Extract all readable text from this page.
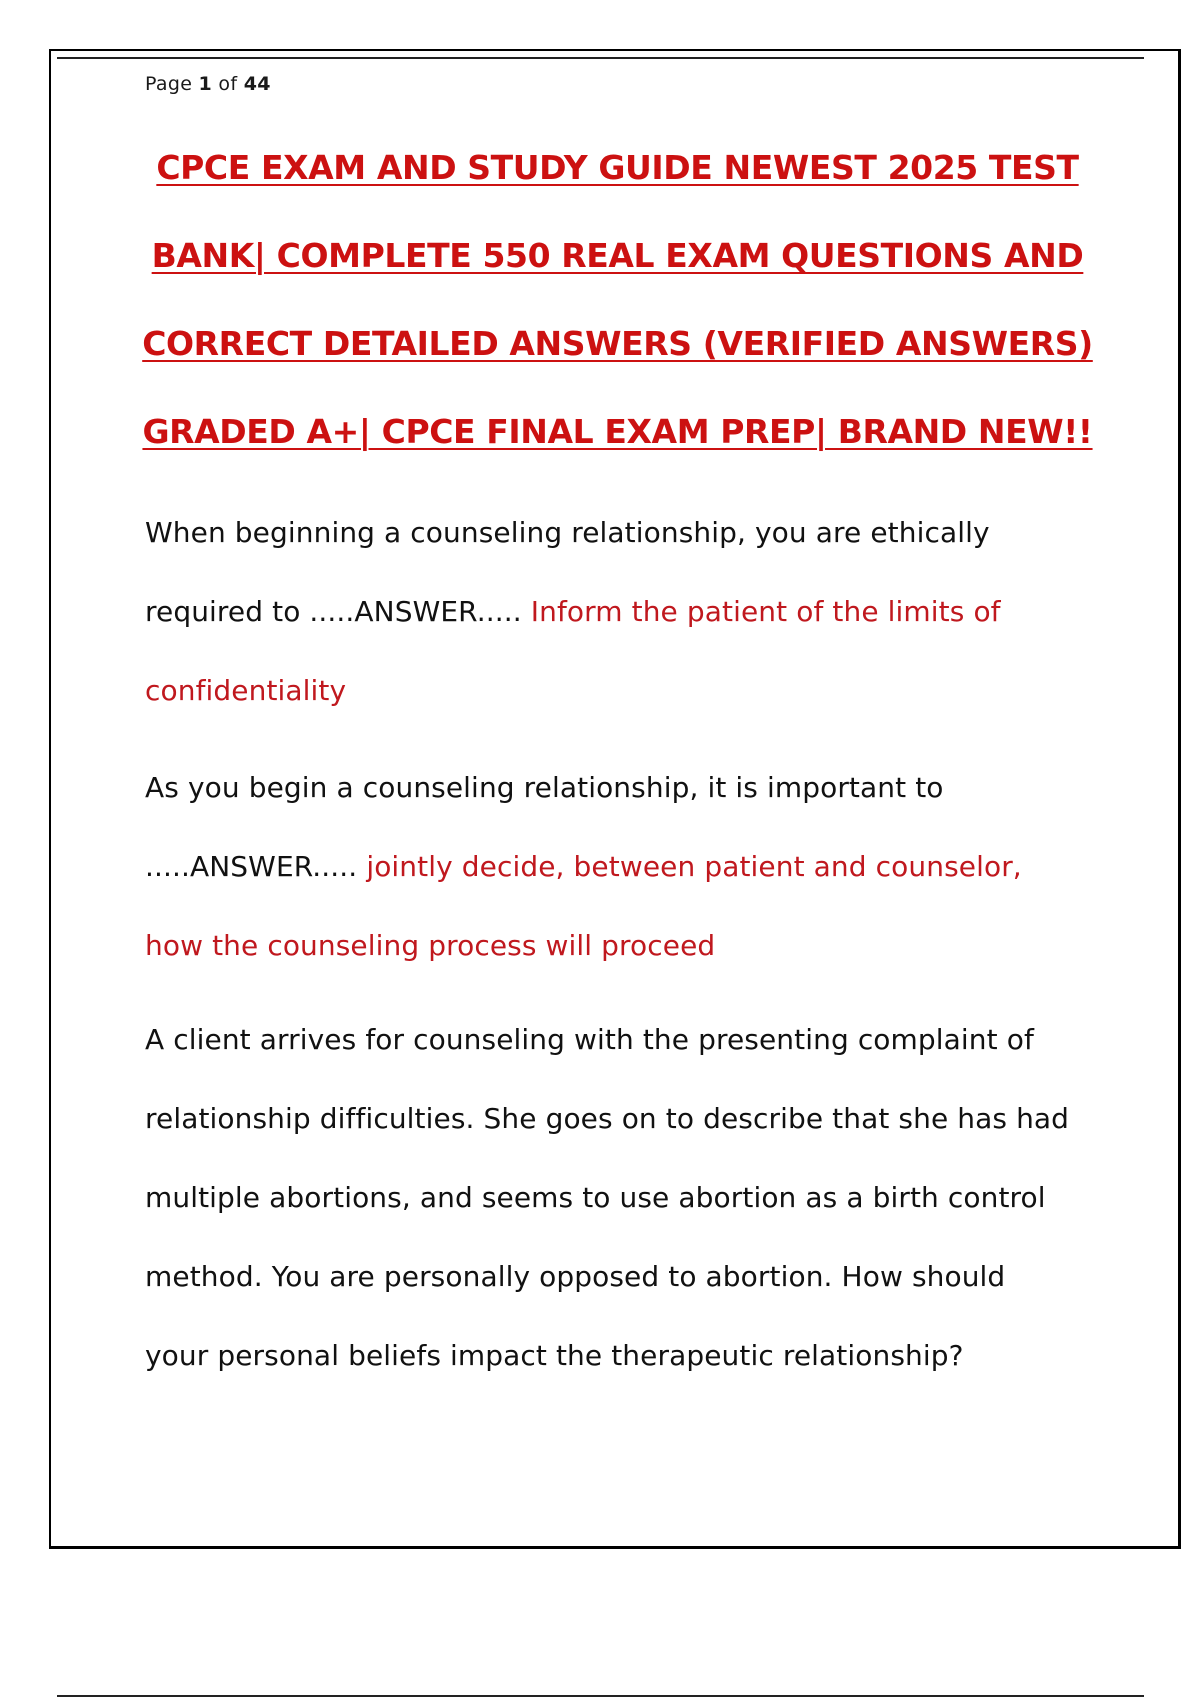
Page 1 of 44
CPCE EXAM AND STUDY GUIDE NEWEST 2025 TEST
BANK| COMPLETE 550 REAL EXAM QUESTIONS AND
CORRECT DETAILED ANSWERS (VERIFIED ANSWERS)
GRADED A+| CPCE FINAL EXAM PREP| BRAND NEW!!
When beginning a counseling relationship, you are ethically
required to .....ANSWER..... Inform the patient of the limits of
confidentiality
As you begin a counseling relationship, it is important to
.....ANSWER..... jointly decide, between patient and counselor,
how the counseling process will proceed
A client arrives for counseling with the presenting complaint of
relationship difficulties. She goes on to describe that she has had
multiple abortions, and seems to use abortion as a birth control
method. You are personally opposed to abortion. How should
your personal beliefs impact the therapeutic relationship?
